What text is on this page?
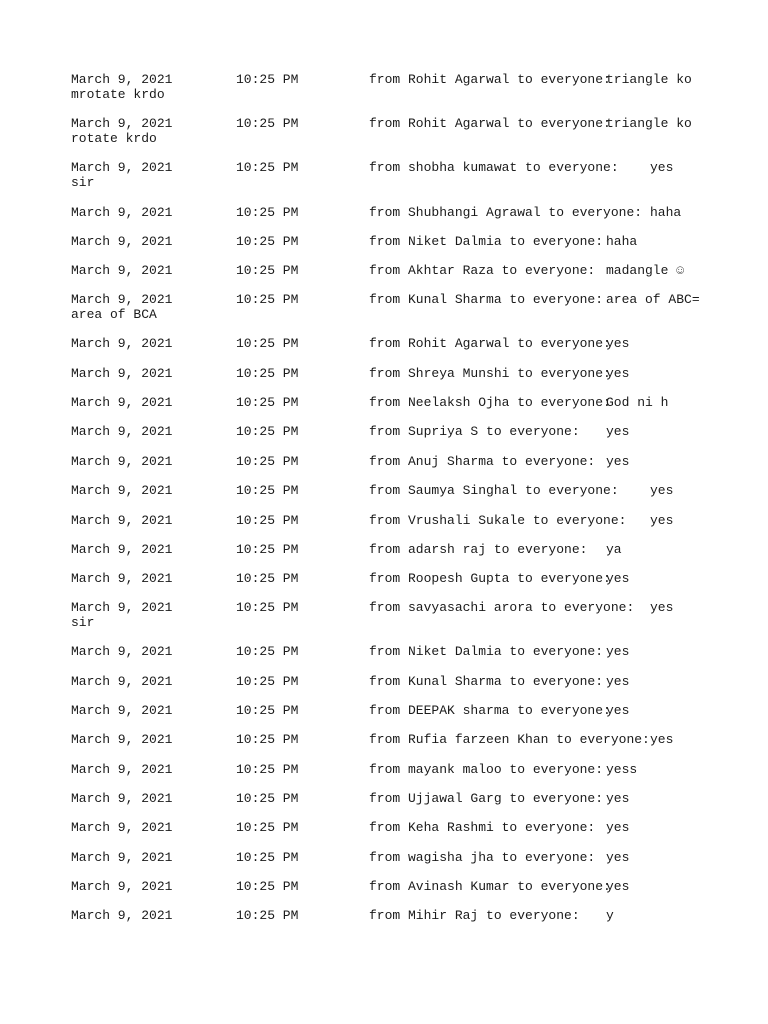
March 9, 2021	10:25 PM	from Rohit Agarwal to everyone:
triangle ko
mrotate krdo
March 9, 2021	10:25 PM	from Rohit Agarwal to everyone:
triangle ko
rotate krdo
March 9, 2021	10:25 PM	from shobha kumawat to everyone: yes
sir
March 9, 2021	10:25 PM	from Shubhangi Agrawal to everyone: haha
March 9, 2021	10:25 PM	from Niket Dalmia to everyone: haha
March 9, 2021	10:25 PM	from Akhtar Raza to everyone: madangle ☺
March 9, 2021	10:25 PM	from Kunal Sharma to everyone: area of ABC=
area of BCA
March 9, 2021	10:25 PM	from Rohit Agarwal to everyone:
yes
March 9, 2021	10:25 PM	from Shreya Munshi to everyone:
yes
March 9, 2021	10:25 PM	from Neelaksh Ojha to everyone:
God ni h
March 9, 2021	10:25 PM	from Supriya S to everyone: yes
March 9, 2021	10:25 PM	from Anuj Sharma to everyone: yes
March 9, 2021	10:25 PM	from Saumya Singhal to everyone: yes
March 9, 2021	10:25 PM	from Vrushali Sukale to everyone: yes
March 9, 2021	10:25 PM	from adarsh raj to everyone: ya
March 9, 2021	10:25 PM	from Roopesh Gupta to everyone:
yes
March 9, 2021	10:25 PM	from savyasachi arora to everyone: yes
sir
March 9, 2021	10:25 PM	from Niket Dalmia to everyone: yes
March 9, 2021	10:25 PM	from Kunal Sharma to everyone: yes
March 9, 2021	10:25 PM	from DEEPAK sharma to everyone:
yes
March 9, 2021	10:25 PM	from Rufia farzeen Khan to everyone: yes
March 9, 2021	10:25 PM	from mayank maloo to everyone: yess
March 9, 2021	10:25 PM	from Ujjawal Garg to everyone: yes
March 9, 2021	10:25 PM	from Keha Rashmi to everyone: yes
March 9, 2021	10:25 PM	from wagisha jha to everyone: yes
March 9, 2021	10:25 PM	from Avinash Kumar to everyone:
yes
March 9, 2021	10:25 PM	from Mihir Raj to everyone: y
